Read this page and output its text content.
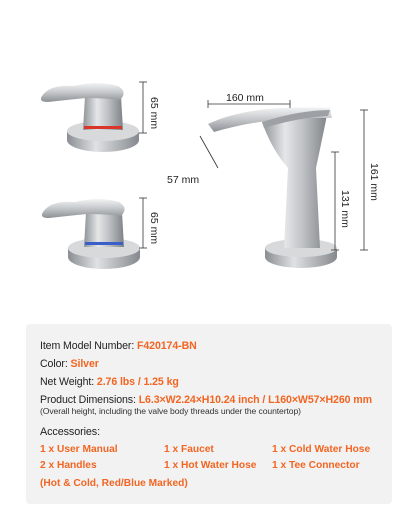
65 mm
65 mm
160 mm
57 mm
131 mm
161 mm
Item Model Number: F420174-BN
Color: Silver
Net Weight: 2.76 lbs / 1.25 kg
Product Dimensions: L6.3×W2.24×H10.24 inch / L160×W57×H260 mm
(Overall height, including the valve body threads under the countertop)
Accessories:
1 x User Manual	1 x Faucet	1 x Cold Water Hose
2 x Handles	1 x Hot Water Hose 1 x Tee Connector
(Hot & Cold, Red/Blue Marked)
